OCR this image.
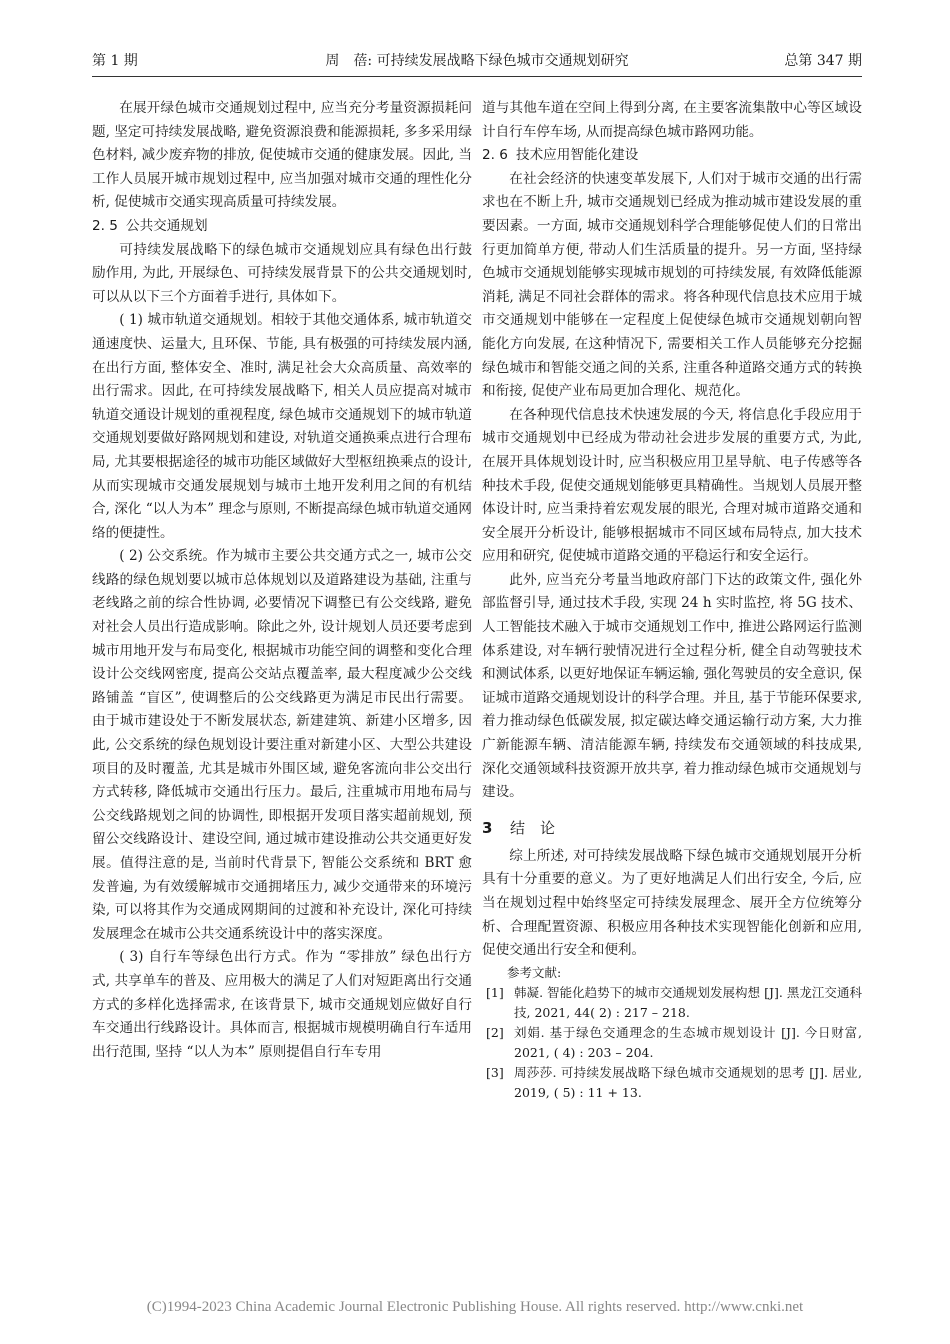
第 1 期	周　蓓: 可持续发展战略下绿色城市交通规划研究	总第 347 期

在展开绿色城市交通规划过程中, 应当充分考量资源损耗问题, 坚定可持续发展战略, 避免资源浪费和能源损耗, 多多采用绿色材料, 减少废弃物的排放, 促使城市交通的健康发展。因此, 当工作人员展开城市规划过程中, 应当加强对城市交通的理性化分析, 促使城市交通实现高质量可持续发展。

2. 5 公共交通规划

可持续发展战略下的绿色城市交通规划应具有绿色出行鼓励作用, 为此, 开展绿色、可持续发展背景下的公共交通规划时, 可以从以下三个方面着手进行, 具体如下。

( 1) 城市轨道交通规划。相较于其他交通体系, 城市轨道交通速度快、运量大, 且环保、节能, 具有极强的可持续发展内涵, 在出行方面, 整体安全、准时, 满足社会大众高质量、高效率的出行需求。因此, 在可持续发展战略下, 相关人员应提高对城市轨道交通设计规划的重视程度, 绿色城市交通规划下的城市轨道交通规划要做好路网规划和建设, 对轨道交通换乘点进行合理布局, 尤其要根据途径的城市功能区域做好大型枢纽换乘点的设计, 从而实现城市交通发展规划与城市土地开发利用之间的有机结合, 深化 “以人为本” 理念与原则, 不断提高绿色城市轨道交通网络的便捷性。

( 2) 公交系统。作为城市主要公共交通方式之一, 城市公交线路的绿色规划要以城市总体规划以及道路建设为基础, 注重与老线路之前的综合性协调, 必要情况下调整已有公交线路, 避免对社会人员出行造成影响。除此之外, 设计规划人员还要考虑到城市用地开发与布局变化, 根据城市功能空间的调整和变化合理设计公交线网密度, 提高公交站点覆盖率, 最大程度减少公交线路铺盖 “盲区”, 使调整后的公交线路更为满足市民出行需要。由于城市建设处于不断发展状态, 新建建筑、新建小区增多, 因此, 公交系统的绿色规划设计要注重对新建小区、大型公共建设项目的及时覆盖, 尤其是城市外围区域, 避免客流向非公交出行方式转移, 降低城市交通出行压力。最后, 注重城市用地布局与公交线路规划之间的协调性, 即根据开发项目落实超前规划, 预留公交线路设计、建设空间, 通过城市建设推动公共交通更好发展。值得注意的是, 当前时代背景下, 智能公交系统和 BRT 愈发普遍, 为有效缓解城市交通拥堵压力, 减少交通带来的环境污染, 可以将其作为交通成网期间的过渡和补充设计, 深化可持续发展理念在城市公共交通系统设计中的落实深度。

( 3) 自行车等绿色出行方式。作为 “零排放” 绿色出行方式, 共享单车的普及、应用极大的满足了人们对短距离出行交通方式的多样化选择需求, 在该背景下, 城市交通规划应做好自行车交通出行线路设计。具体而言, 根据城市规模明确自行车适用出行范围, 坚持 “以人为本” 原则提倡自行车专用

道与其他车道在空间上得到分离, 在主要客流集散中心等区域设计自行车停车场, 从而提高绿色城市路网功能。

2. 6 技术应用智能化建设

在社会经济的快速变革发展下, 人们对于城市交通的出行需求也在不断上升, 城市交通规划已经成为推动城市建设发展的重要因素。一方面, 城市交通规划科学合理能够促使人们的日常出行更加简单方便, 带动人们生活质量的提升。另一方面, 坚持绿色城市交通规划能够实现城市规划的可持续发展, 有效降低能源消耗, 满足不同社会群体的需求。将各种现代信息技术应用于城市交通规划中能够在一定程度上促使绿色城市交通规划朝向智能化方向发展, 在这种情况下, 需要相关工作人员能够充分挖掘绿色城市和智能交通之间的关系, 注重各种道路交通方式的转换和衔接, 促使产业布局更加合理化、规范化。

在各种现代信息技术快速发展的今天, 将信息化手段应用于城市交通规划中已经成为带动社会进步发展的重要方式, 为此, 在展开具体规划设计时, 应当积极应用卫星导航、电子传感等各种技术手段, 促使交通规划能够更具精确性。当规划人员展开整体设计时, 应当秉持着宏观发展的眼光, 合理对城市道路交通和安全展开分析设计, 能够根据城市不同区域布局特点, 加大技术应用和研究, 促使城市道路交通的平稳运行和安全运行。

此外, 应当充分考量当地政府部门下达的政策文件, 强化外部监督引导, 通过技术手段, 实现 24 h 实时监控, 将 5G 技术、人工智能技术融入于城市交通规划工作中, 推进公路网运行监测体系建设, 对车辆行驶情况进行全过程分析, 健全自动驾驶技术和测试体系, 以更好地保证车辆运输, 强化驾驶员的安全意识, 保证城市道路交通规划设计的科学合理。并且, 基于节能环保要求, 着力推动绿色低碳发展, 拟定碳达峰交通运输行动方案, 大力推广新能源车辆、清洁能源车辆, 持续发布交通领域的科技成果, 深化交通领域科技资源开放共享, 着力推动绿色城市交通规划与建设。

3 结　论

综上所述, 对可持续发展战略下绿色城市交通规划展开分析具有十分重要的意义。为了更好地满足人们出行安全, 今后, 应当在规划过程中始终坚定可持续发展理念、展开全方位统筹分析、合理配置资源、积极应用各种技术实现智能化创新和应用, 促使交通出行安全和便利。

参考文献:

[1] 韩凝. 智能化趋势下的城市交通规划发展构想 [J]. 黑龙江交通科技, 2021, 44( 2) : 217 – 218.
[2] 刘娟. 基于绿色交通理念的生态城市规划设计 [J]. 今日财富, 2021, ( 4) : 203 – 204.
[3] 周莎莎. 可持续发展战略下绿色城市交通规划的思考 [J]. 居业, 2019, ( 5) : 11 + 13.
(C)1994-2023 China Academic Journal Electronic Publishing House. All rights reserved. http://www.cnki.net
